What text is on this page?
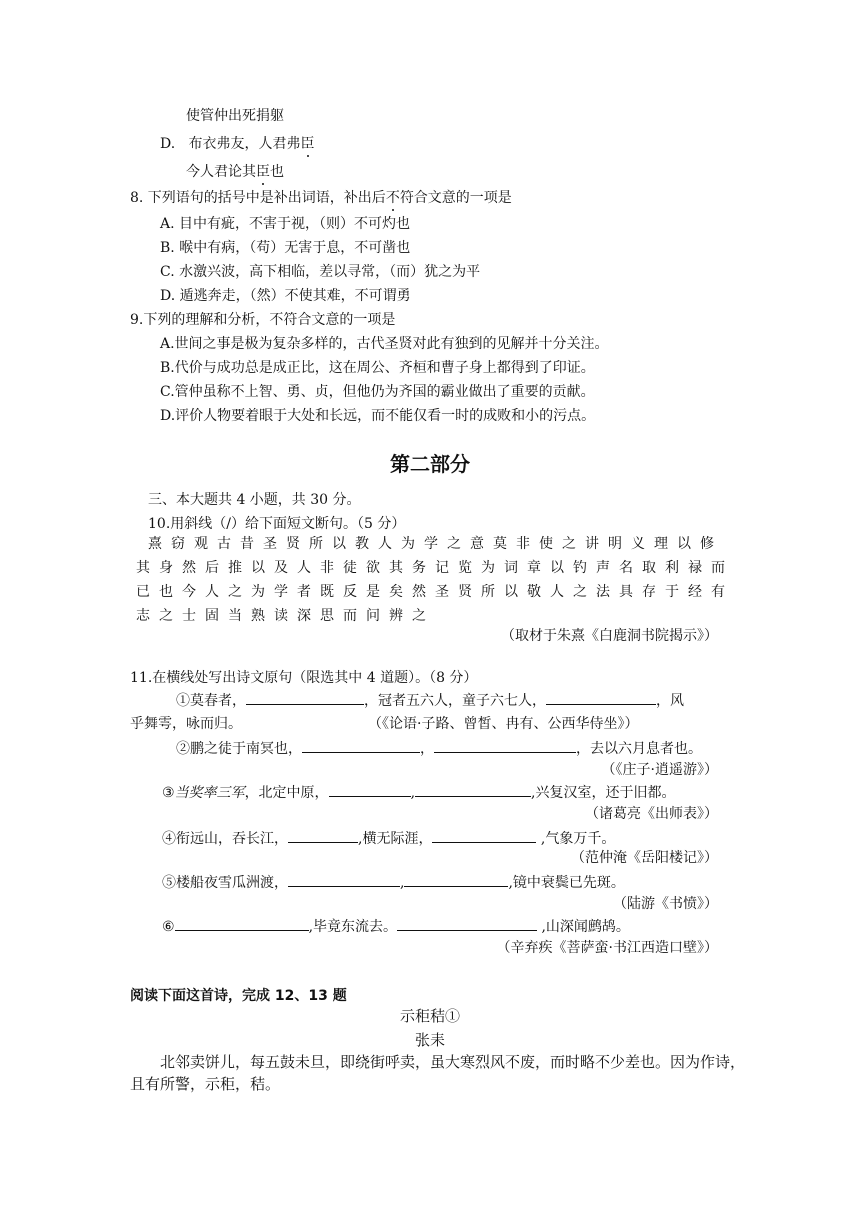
使管仲出死捐躯
D. 布衣弗友，人君弗臣
今人君论其臣也
8. 下列语句的括号中是补出词语，补出后不符合文意的一项是
A. 目中有疵，不害于视，（则）不可灼也
B. 喉中有病，（苟）无害于息，不可凿也
C. 水激兴波，高下相临，差以寻常，（而）犹之为平
D. 遁逃奔走，（然）不使其难，不可谓勇
9.下列的理解和分析，不符合文意的一项是
A.世间之事是极为复杂多样的，古代圣贤对此有独到的见解并十分关注。
B.代价与成功总是成正比，这在周公、齐桓和曹子身上都得到了印证。
C.管仲虽称不上智、勇、贞，但他仍为齐国的霸业做出了重要的贡献。
D.评价人物要着眼于大处和长远，而不能仅看一时的成败和小的污点。
第二部分
三、本大题共 4 小题，共 30 分。
10.用斜线（/）给下面短文断句。（5 分）
熹窃观古昔圣贤所以教人为学之意莫非使之讲明义理以修
其身然后推以及人非徒欲其务记览为词章以钓声名取利禄而
已也今人之为学者既反是矣然圣贤所以敬人之法具存于经有
志之士固当熟读深思而问辨之
（取材于朱熹《白鹿洞书院揭示》）
11.在横线处写出诗文原句（限选其中 4 道题）。（8 分）
①莫春者，	，冠者五六人，童子六七人，	，风
乎舞雩，咏而归。	（《论语·子路、曾皙、冉有、公西华侍坐》）
②鹏之徒于南冥也，	，	，去以六月息者也。
（《庄子·逍遥游》）
③当奖率三军，北定中原，	,	,兴复汉室，还于旧都。
（诸葛亮《出师表》）
④衔远山，吞长江，	,横无际涯，	,气象万千。
（范仲淹《岳阳楼记》）
⑤楼船夜雪瓜洲渡，	,	,镜中衰鬓已先斑。
（陆游《书愤》）
⑥	,毕竟东流去。	,山深闻鹧鸪。
（辛弃疾《菩萨蛮·书江西造口壁》）
阅读下面这首诗，完成 12、13 题
示秬秸①
张耒
北邻卖饼儿，每五鼓未旦，即绕街呼卖，虽大寒烈风不废，而时略不少差也。因为作诗，
且有所警，示秬，秸。
